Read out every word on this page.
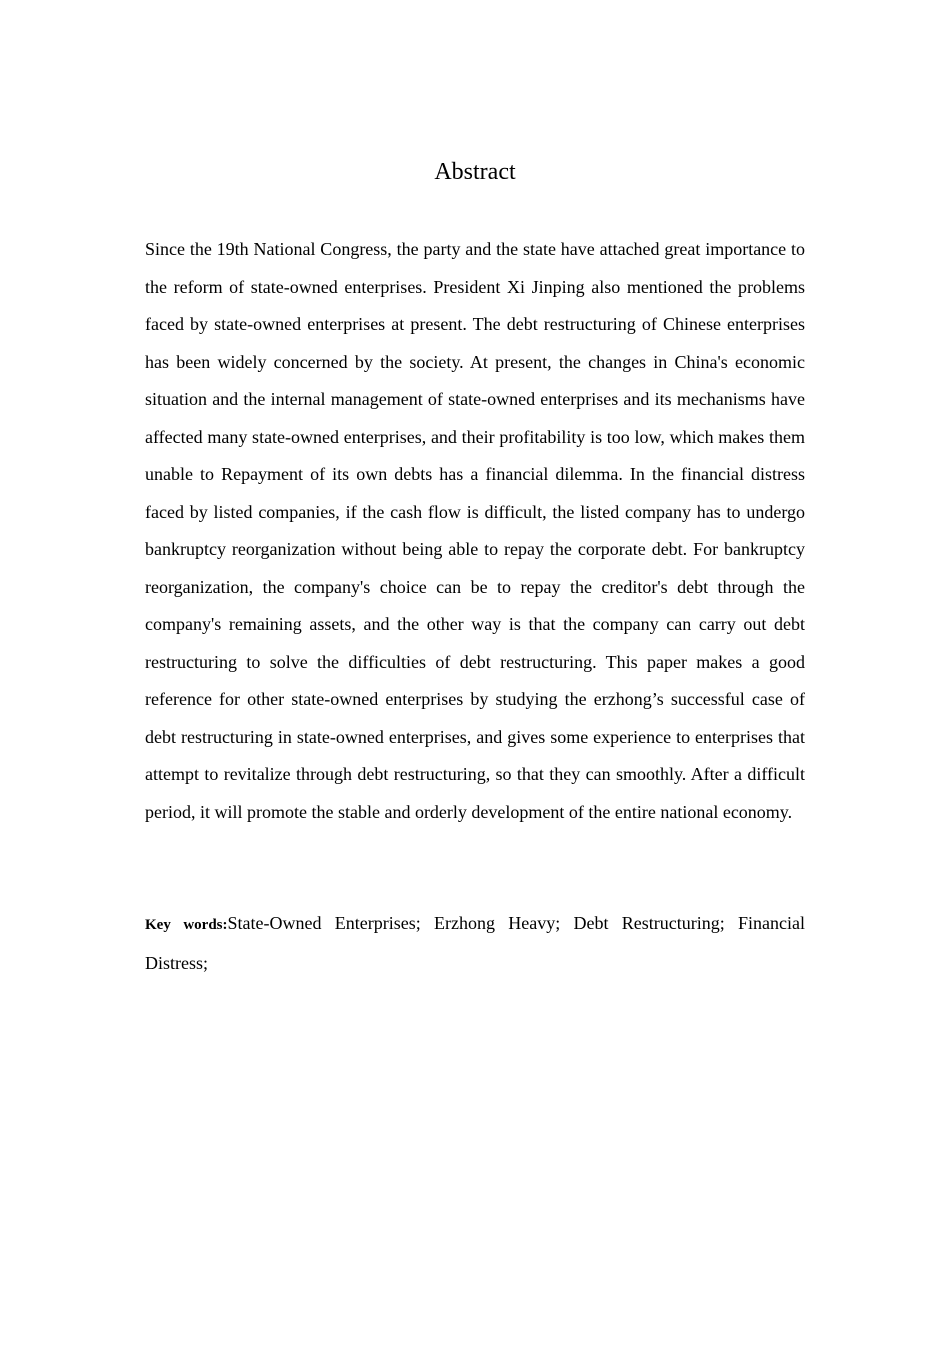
Abstract

Since the 19th National Congress, the party and the state have attached great importance to the reform of state-owned enterprises. President Xi Jinping also mentioned the problems faced by state-owned enterprises at present. The debt restructuring of Chinese enterprises has been widely concerned by the society. At present, the changes in China's economic situation and the internal management of state-owned enterprises and its mechanisms have affected many state-owned enterprises, and their profitability is too low, which makes them unable to Repayment of its own debts has a financial dilemma. In the financial distress faced by listed companies, if the cash flow is difficult, the listed company has to undergo bankruptcy reorganization without being able to repay the corporate debt. For bankruptcy reorganization, the company's choice can be to repay the creditor's debt through the company's remaining assets, and the other way is that the company can carry out debt restructuring to solve the difficulties of debt restructuring. This paper makes a good reference for other state-owned enterprises by studying the erzhong’s successful case of debt restructuring in state-owned enterprises, and gives some experience to enterprises that attempt to revitalize through debt restructuring, so that they can smoothly. After a difficult period, it will promote the stable and orderly development of the entire national economy.

Key words:State-Owned Enterprises; Erzhong Heavy; Debt Restructuring; Financial Distress;
